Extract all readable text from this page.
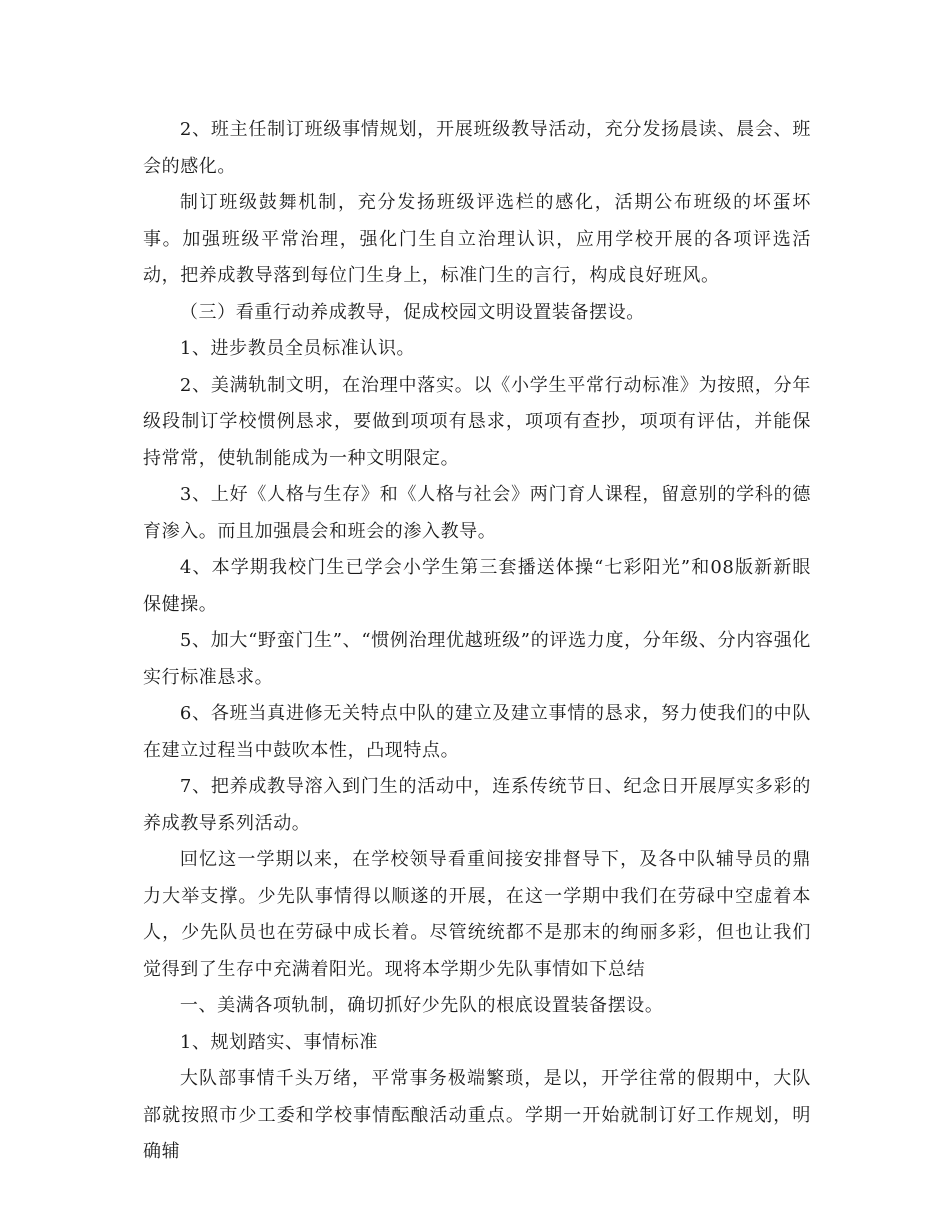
2、班主任制订班级事情规划，开展班级教导活动，充分发扬晨读、晨会、班会的感化。

制订班级鼓舞机制，充分发扬班级评选栏的感化，活期公布班级的坏蛋坏事。加强班级平常治理，强化门生自立治理认识，应用学校开展的各项评选活动，把养成教导落到每位门生身上，标准门生的言行，构成良好班风。

（三）看重行动养成教导，促成校园文明设置装备摆设。

1、进步教员全员标准认识。

2、美满轨制文明，在治理中落实。以《小学生平常行动标准》为按照，分年级段制订学校惯例恳求，要做到项项有恳求，项项有查抄，项项有评估，并能保持常常，使轨制能成为一种文明限定。

3、上好《人格与生存》和《人格与社会》两门育人课程，留意别的学科的德育渗入。而且加强晨会和班会的渗入教导。

4、本学期我校门生已学会小学生第三套播送体操“七彩阳光”和08版新新眼保健操。

5、加大“野蛮门生”、“惯例治理优越班级”的评选力度，分年级、分内容强化实行标准恳求。

6、各班当真进修无关特点中队的建立及建立事情的恳求，努力使我们的中队在建立过程当中鼓吹本性，凸现特点。

7、把养成教导溶入到门生的活动中，连系传统节日、纪念日开展厚实多彩的养成教导系列活动。

回忆这一学期以来，在学校领导看重间接安排督导下，及各中队辅导员的鼎力大举支撑。少先队事情得以顺遂的开展，在这一学期中我们在劳碌中空虚着本人，少先队员也在劳碌中成长着。尽管统统都不是那末的绚丽多彩，但也让我们觉得到了生存中充满着阳光。现将本学期少先队事情如下总结

一、美满各项轨制，确切抓好少先队的根底设置装备摆设。

1、规划踏实、事情标准

大队部事情千头万绪，平常事务极端繁琐，是以，开学往常的假期中，大队部就按照市少工委和学校事情酝酿活动重点。学期一开始就制订好工作规划，明确辅
